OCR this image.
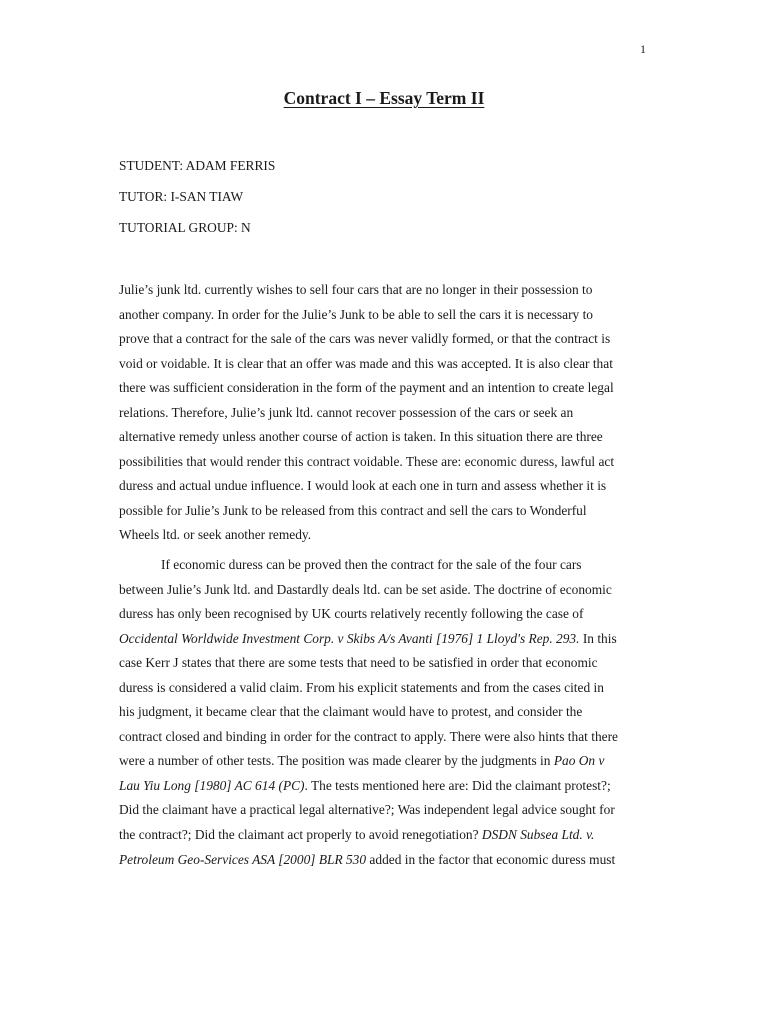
1
Contract I – Essay Term II
STUDENT: ADAM FERRIS
TUTOR: I-SAN TIAW
TUTORIAL GROUP: N
Julie’s junk ltd. currently wishes to sell four cars that are no longer in their possession to
another company. In order for the Julie’s Junk to be able to sell the cars it is necessary to
prove that a contract for the sale of the cars was never validly formed, or that the contract is
void or voidable. It is clear that an offer was made and this was accepted. It is also clear that
there was sufficient consideration in the form of the payment and an intention to create legal
relations. Therefore, Julie’s junk ltd. cannot recover possession of the cars or seek an
alternative remedy unless another course of action is taken. In this situation there are three
possibilities that would render this contract voidable. These are: economic duress, lawful act
duress and actual undue influence. I would look at each one in turn and assess whether it is
possible for Julie’s Junk to be released from this contract and sell the cars to Wonderful
Wheels ltd. or seek another remedy.
If economic duress can be proved then the contract for the sale of the four cars
between Julie’s Junk ltd. and Dastardly deals ltd. can be set aside. The doctrine of economic
duress has only been recognised by UK courts relatively recently following the case of
Occidental Worldwide Investment Corp. v Skibs A/s Avanti [1976] 1 Lloyd's Rep. 293. In this
case Kerr J states that there are some tests that need to be satisfied in order that economic
duress is considered a valid claim. From his explicit statements and from the cases cited in
his judgment, it became clear that the claimant would have to protest, and consider the
contract closed and binding in order for the contract to apply. There were also hints that there
were a number of other tests. The position was made clearer by the judgments in Pao On v
Lau Yiu Long [1980] AC 614 (PC). The tests mentioned here are: Did the claimant protest?;
Did the claimant have a practical legal alternative?; Was independent legal advice sought for
the contract?; Did the claimant act properly to avoid renegotiation? DSDN Subsea Ltd. v.
Petroleum Geo-Services ASA [2000] BLR 530 added in the factor that economic duress must
